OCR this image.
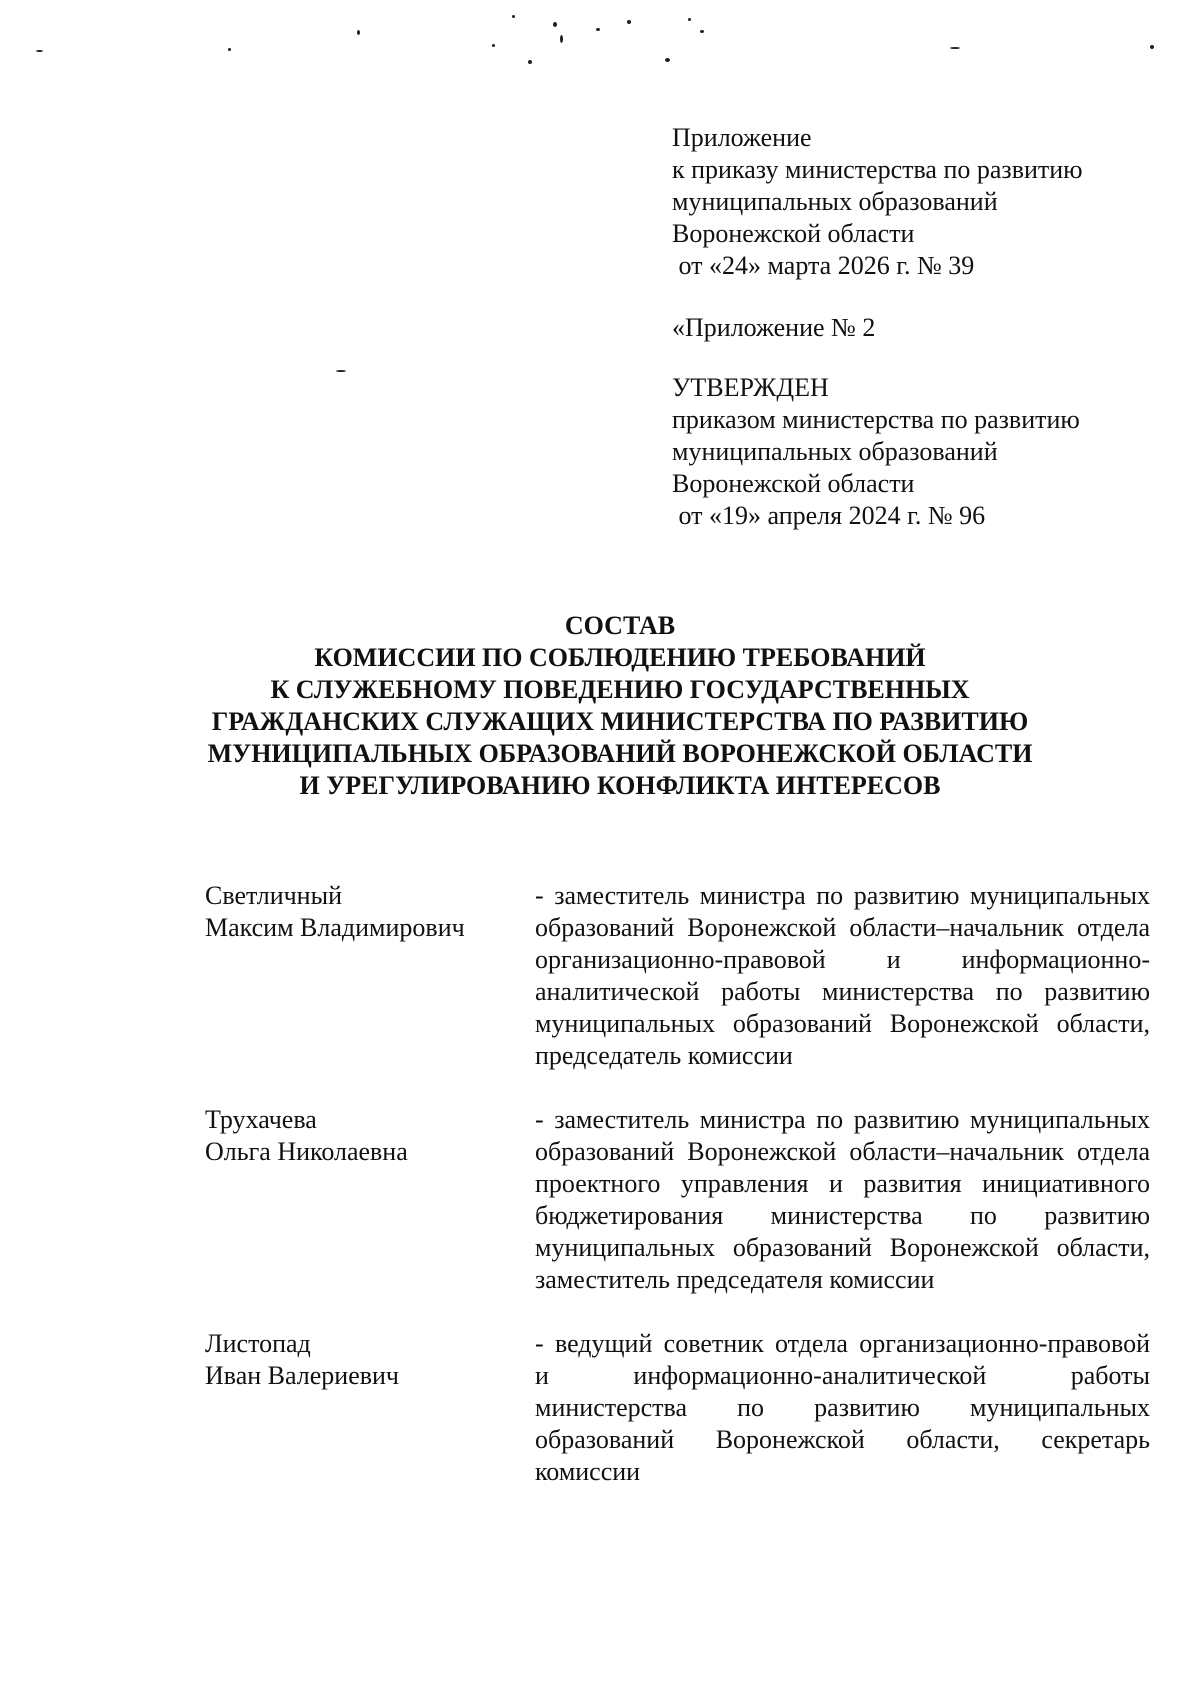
Приложение
к приказу министерства по развитию
муниципальных образований
Воронежской области
от «24» марта 2026 г. № 39
«Приложение № 2
УТВЕРЖДЕН
приказом министерства по развитию
муниципальных образований
Воронежской области
от «19» апреля 2024 г. № 96
СОСТАВ
КОМИССИИ ПО СОБЛЮДЕНИЮ ТРЕБОВАНИЙ
К СЛУЖЕБНОМУ ПОВЕДЕНИЮ ГОСУДАРСТВЕННЫХ
ГРАЖДАНСКИХ СЛУЖАЩИХ МИНИСТЕРСТВА ПО РАЗВИТИЮ
МУНИЦИПАЛЬНЫХ ОБРАЗОВАНИЙ ВОРОНЕЖСКОЙ ОБЛАСТИ
И УРЕГУЛИРОВАНИЮ КОНФЛИКТА ИНТЕРЕСОВ
Светличный
Максим Владимирович
- заместитель министра по развитию муниципальных образований Воронежской области–начальник отдела организационно-правовой и информационно-аналитической работы министерства по развитию муниципальных образований Воронежской области, председатель комиссии
Трухачева
Ольга Николаевна
- заместитель министра по развитию муниципальных образований Воронежской области–начальник отдела проектного управления и развития инициативного бюджетирования министерства по развитию муниципальных образований Воронежской области, заместитель председателя комиссии
Листопад
Иван Валериевич
- ведущий советник отдела организационно-правовой и информационно-аналитической работы министерства по развитию муниципальных образований Воронежской области, секретарь комиссии
